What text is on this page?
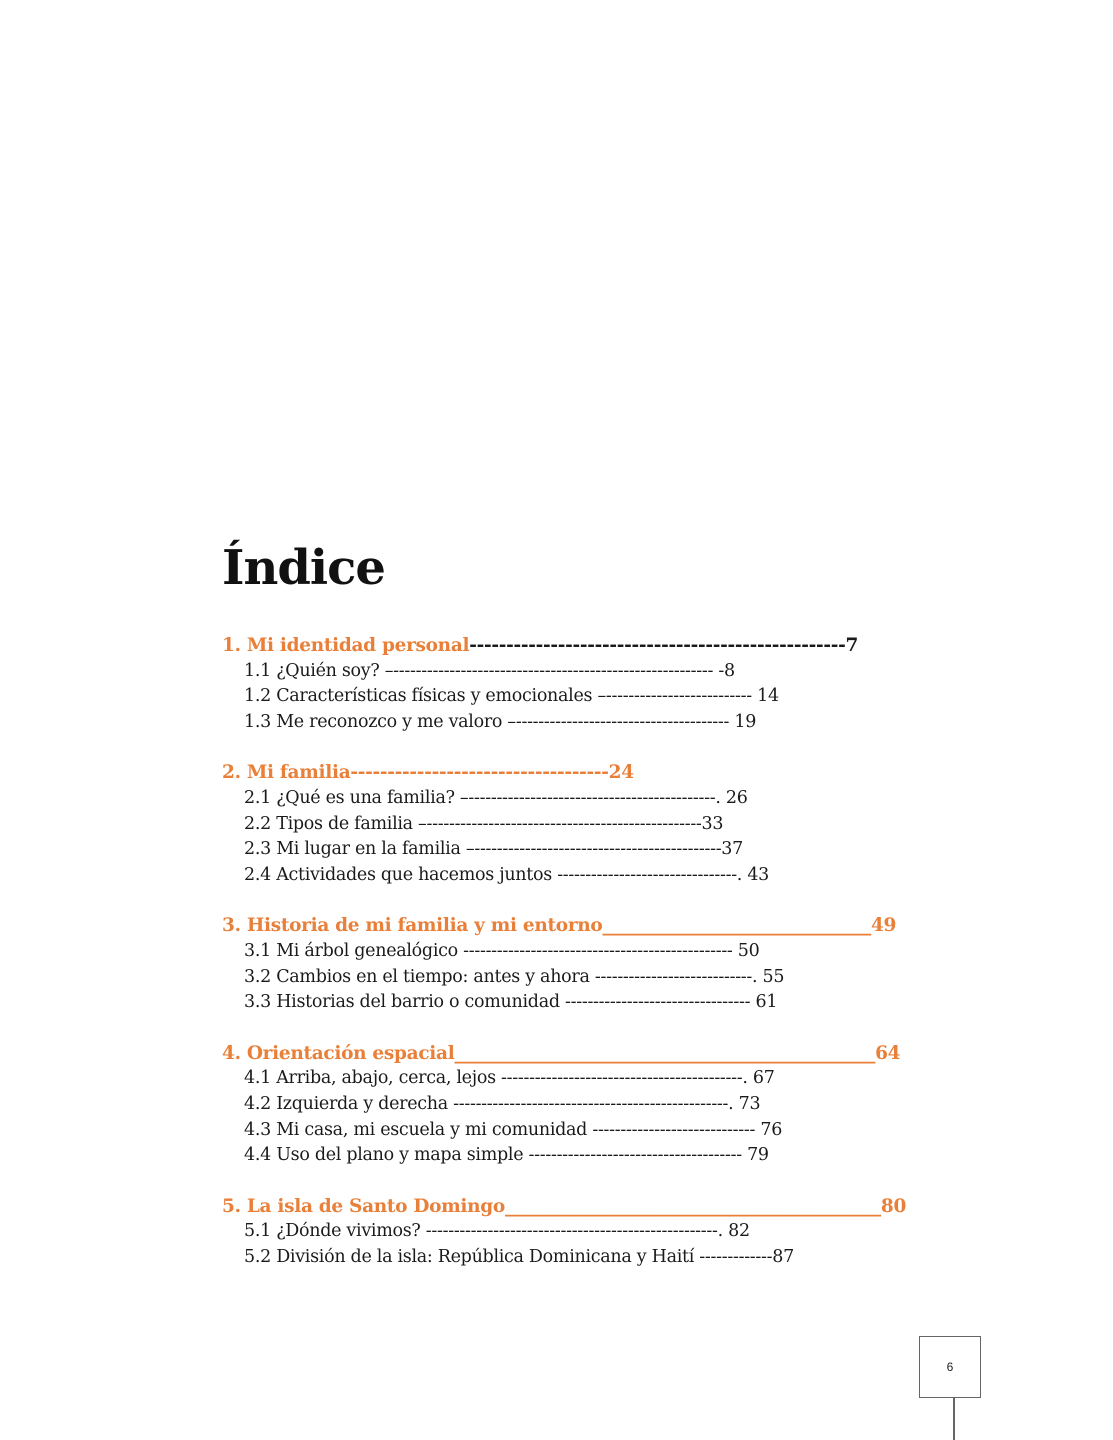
Índice
1. Mi identidad personal---------------------------------------------------7
1.1 ¿Quién soy? –--------------------------------------------------------- -8
1.2 Características físicas y emocionales –-------------------------- 14
1.3 Me reconozco y me valoro –-------------------------------------- 19
2. Mi familia-----------------------------------24
2.1 ¿Qué es una familia? –--------------------------------------------. 26
2.2 Tipos de familia –-------------------------------------------------33
2.3 Mi lugar en la familia –--------------------------------------------37
2.4 Actividades que hacemos juntos --------------------------------. 43
3. Historia de mi familia y mi entorno______________________________49
3.1 Mi árbol genealógico ------------------------------------------------ 50
3.2 Cambios en el tiempo: antes y ahora ----------------------------. 55
3.3 Historias del barrio o comunidad --------------------------------- 61
4. Orientación espacial_______________________________________________64
4.1 Arriba, abajo, cerca, lejos -------------------------------------------. 67
4.2 Izquierda y derecha -------------------------------------------------. 73
4.3 Mi casa, mi escuela y mi comunidad ----------------------------- 76
4.4 Uso del plano y mapa simple -------------------------------------- 79
5. La isla de Santo Domingo__________________________________________80
5.1 ¿Dónde vivimos? ----------------------------------------------------. 82
5.2 División de la isla: República Dominicana y Haití -------------87
6
